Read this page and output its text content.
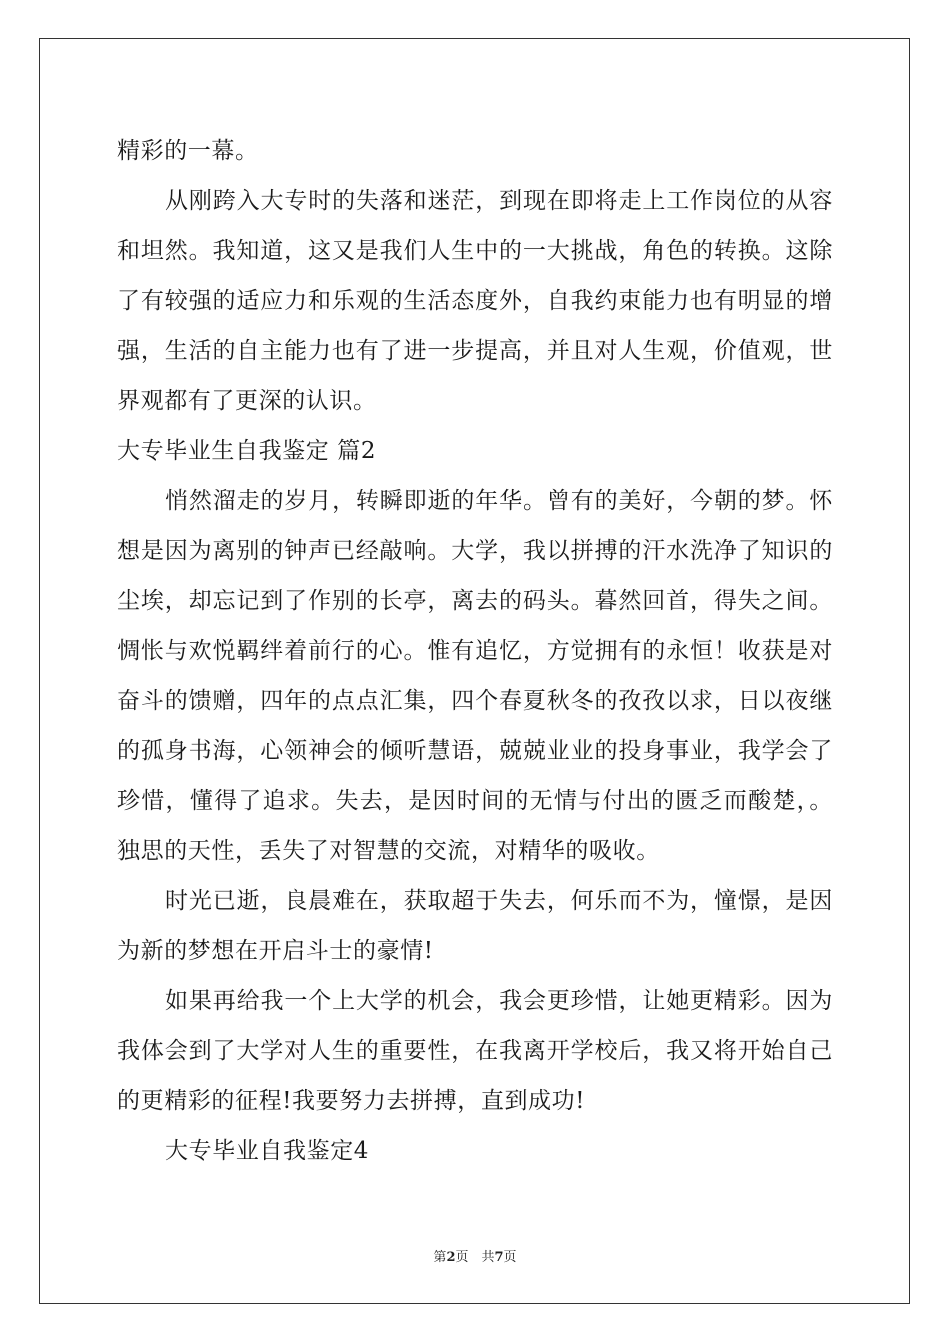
精彩的一幕。
从刚跨入大专时的失落和迷茫，到现在即将走上工作岗位的从容
和坦然。我知道，这又是我们人生中的一大挑战，角色的转换。这除
了有较强的适应力和乐观的生活态度外，自我约束能力也有明显的增
强，生活的自主能力也有了进一步提高，并且对人生观，价值观，世
界观都有了更深的认识。
大专毕业生自我鉴定 篇2
悄然溜走的岁月，转瞬即逝的年华。曾有的美好，今朝的梦。怀
想是因为离别的钟声已经敲响。大学，我以拼搏的汗水洗净了知识的
尘埃，却忘记到了作别的长亭，离去的码头。暮然回首，得失之间。
惆怅与欢悦羁绊着前行的心。惟有追忆，方觉拥有的永恒！收获是对
奋斗的馈赠，四年的点点汇集，四个春夏秋冬的孜孜以求，日以夜继
的孤身书海，心领神会的倾听慧语，兢兢业业的投身事业，我学会了
珍惜，懂得了追求。失去，是因时间的无情与付出的匮乏而酸楚，。
独思的天性，丢失了对智慧的交流，对精华的吸收。
时光已逝，良晨难在，获取超于失去，何乐而不为，憧憬，是因
为新的梦想在开启斗士的豪情!
如果再给我一个上大学的机会，我会更珍惜，让她更精彩。因为
我体会到了大学对人生的重要性，在我离开学校后，我又将开始自己
的更精彩的征程!我要努力去拼搏，直到成功!
大专毕业自我鉴定4
第2页　共7页
